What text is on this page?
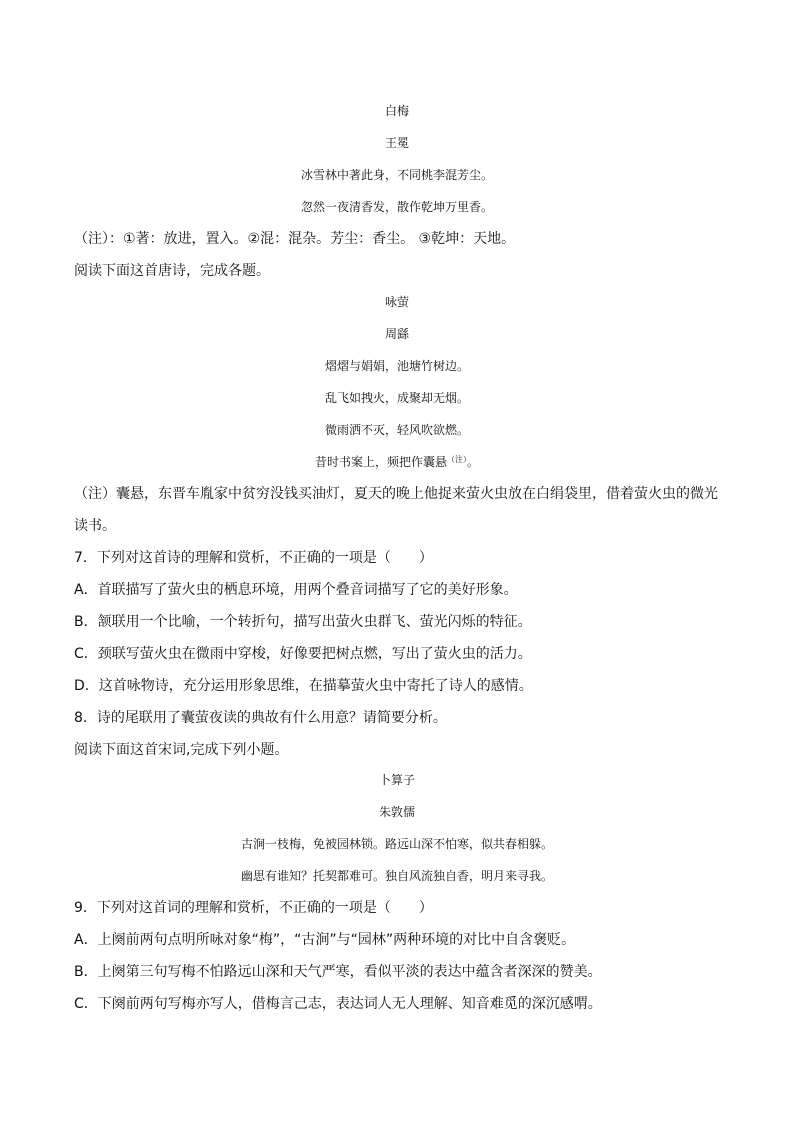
白梅
王冕
冰雪林中著此身，不同桃李混芳尘。
忽然一夜清香发，散作乾坤万里香。
（注）：①著：放进，置入。②混：混杂。芳尘：香尘。 ③乾坤：天地。
阅读下面这首唐诗，完成各题。
咏萤
周繇
熠熠与娟娟，池塘竹树边。
乱飞如拽火，成聚却无烟。
微雨洒不灭，轻风吹欲燃。
昔时书案上，频把作囊悬$^{(注)}$。
（注）囊悬，东晋车胤家中贫穷没钱买油灯，夏天的晚上他捉来萤火虫放在白绢袋里，借着萤火虫的微光
读书。
7．下列对这首诗的理解和赏析，不正确的一项是（　　）
A．首联描写了萤火虫的栖息环境，用两个叠音词描写了它的美好形象。
B．颔联用一个比喻，一个转折句，描写出萤火虫群飞、萤光闪烁的特征。
C．颈联写萤火虫在微雨中穿梭，好像要把树点燃，写出了萤火虫的活力。
D．这首咏物诗，充分运用形象思维，在描摹萤火虫中寄托了诗人的感情。
8．诗的尾联用了囊萤夜读的典故有什么用意？请简要分析。
阅读下面这首宋词,完成下列小题。
卜算子
朱敦儒
古涧一枝梅，免被园林锁。路远山深不怕寒，似共春相躲。
幽思有谁知？托契都难可。独自风流独自香，明月来寻我。
9．下列对这首词的理解和赏析，不正确的一项是（　　）
A．上阕前两句点明所咏对象“梅”，“古涧”与“园林”两种环境的对比中自含褒贬。
B．上阕第三句写梅不怕路远山深和天气严寒，看似平淡的表达中蕴含者深深的赞美。
C．下阕前两句写梅亦写人，借梅言己志，表达词人无人理解、知音难觅的深沉感喟。
